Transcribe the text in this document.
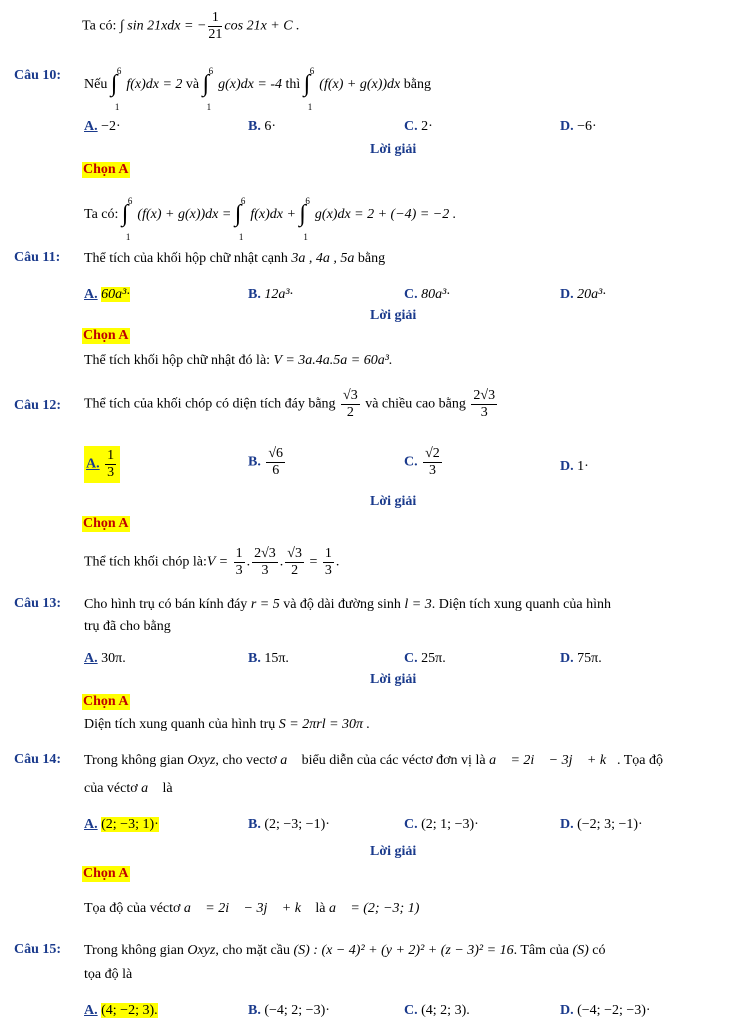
Ta có: ∫ sin 21xdx = − $\frac{1}{21}$ cos 21x + C .
Câu 10:
Nếu ∫ 6
1
f(x)dx = 2 và ∫ 6
1
g(x)dx = -4 thì ∫ 6
1
(f(x) + g(x))dx bằng
A. −2·	B. 6·	C. 2·	D. −6·
Lời giải
Chọn A
Ta có: ∫ 6
1
(f(x) + g(x))dx = ∫ 6
1
f(x)dx + ∫ 6
1
g(x)dx = 2 + (−4) = −2 .
Câu 11: Thể tích của khối hộp chữ nhật cạnh 3a , 4a , 5a bằng
A. 60a³·	B. 12a³·	C. 80a³·	D. 20a³·
Lời giải
Chọn A
Thể tích khối hộp chữ nhật đó là: V = 3a.4a.5a = 60a³.
Câu 12: Thể tích của khối chóp có diện tích đáy bằng $\frac{√3}{2}$ và chiều cao bằng $\frac{2√3}{3}$
A. $\frac{1}{3}$	B. $\frac{√6}{6}$	C. $\frac{√2}{3}$	D. 1·
Lời giải
Chọn A
Thể tích khối chóp là:V = $\frac{1}{3}$ . $\frac{2√3}{3}$ . $\frac{√3}{2} = \frac{1}{3}$ .
Câu 13: Cho hình trụ có bán kính đáy r = 5 và độ dài đường sinh l = 3. Diện tích xung quanh của hình
trụ đã cho bằng
A. 30π.	B. 15π.	C. 25π.	D. 75π.
Lời giải
Chọn A
Diện tích xung quanh của hình trụ S = 2πrl = 30π .
Câu 14: Trong không gian Oxyz, cho vectơ a⃗ biểu diễn của các véctơ đơn vị là a⃗ = 2i⃗ − 3j⃗ + k⃗. Tọa độ
của véctơ a⃗ là
A. (2; −3; 1)·	B. (2; −3; −1)·	C. (2; 1; −3)·	D. (−2; 3; −1)·
Lời giải
Chọn A
Tọa độ của véctơ a⃗ = 2i⃗ − 3j⃗ + k⃗ là a⃗ = (2; −3; 1)
Câu 15: Trong không gian Oxyz, cho mặt cầu (S) : (x − 4)² + (y + 2)² + (z − 3)² = 16. Tâm của (S) có
tọa độ là
A. (4; −2; 3).	B. (−4; 2; −3)·	C. (4; 2; 3).	D. (−4; −2; −3)·
